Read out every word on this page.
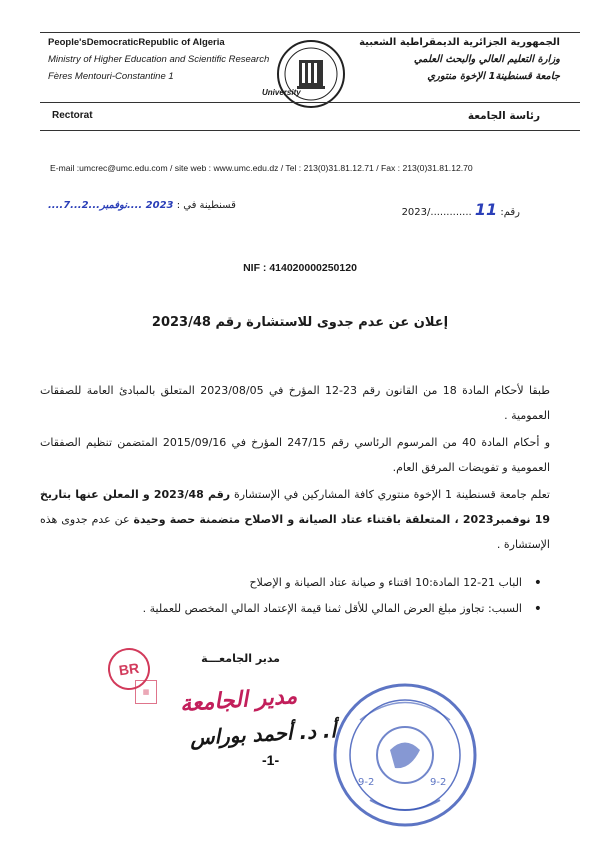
People'sDemocraticRepublic of Algeria
Ministry of Higher Education and Scientific Research
Fères Mentouri-Constantine 1
University
الجمهورية الجزائرية الديمقراطية الشعبية
وزارة التعليم العالي والبحث العلمي
جامعة قسنطينة1 الإخوة منتوري
Rectorat	رئاسة الجامعة
E-mail :umcrec@umc.edu.com / site web : www.umc.edu.dz / Tel : 213(0)31.81.12.71 / Fax : 213(0)31.81.12.70
قسنطينة في : 2023 ....نوفمبر...2...7....
رقم: 11 ............./2023
NIF : 414020000250120
إعلان عن عدم جدوى للاستشارة رقم 2023/48
طبقا لأحكام المادة 18 من القانون رقم 23-12 المؤرخ في 2023/08/05 المتعلق بالمبادئ العامة للصفقات العمومية .
و أحكام المادة 40 من المرسوم الرئاسي رقم 247/15 المؤرخ في 2015/09/16 المتضمن تنظيم الصفقات العمومية و تفويضات المرفق العام.
تعلم جامعة قسنطينة 1 الإخوة منتوري كافة المشاركين في الإستشارة رقم 2023/48 و المعلن عنها بتاريخ 19 نوفمبر2023 ، المتعلقة باقتناء عتاد الصيانة و الاصلاح متضمنة حصة وحيدة عن عدم جدوى هذه الإستشارة .
• الباب 21-12 المادة:10 اقتناء و صيانة عتاد الصيانة و الإصلاح
• السبب: تجاوز مبلغ العرض المالي للأقل ثمنا قيمة الإعتماد المالي المخصص للعملية .
مدير الجامعـــة
BR
▦	مدير الجامعة
أ. د. أحمد بوراس
-1-
9-2	9-2
